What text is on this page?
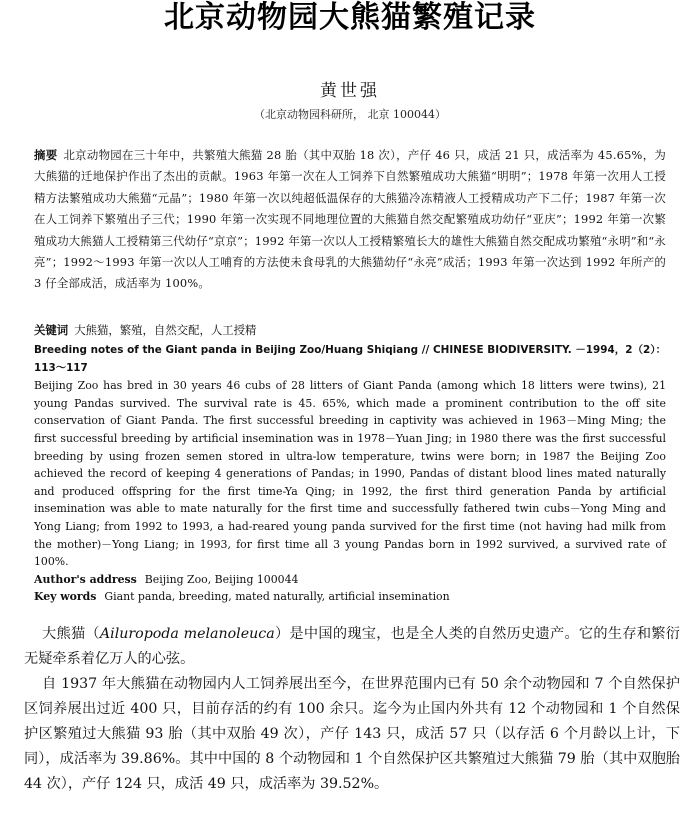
北京动物园大熊猫繁殖记录
黄世强
（北京动物园科研所， 北京 100044）
摘要 北京动物园在三十年中，共繁殖大熊猫 28 胎（其中双胎 18 次），产仔 46 只，成活 21 只，成活率为 45.65%，为大熊猫的迁地保护作出了杰出的贡献。1963 年第一次在人工饲养下自然繁殖成功大熊猫“明明”；1978 年第一次用人工授精方法繁殖成功大熊猫“元晶”；1980 年第一次以纯超低温保存的大熊猫冷冻精液人工授精成功产下二仔；1987 年第一次在人工饲养下繁殖出子三代；1990 年第一次实现不同地理位置的大熊猫自然交配繁殖成功幼仔“亚庆”；1992 年第一次繁殖成功大熊猫人工授精第三代幼仔“京京”；1992 年第一次以人工授精繁殖长大的雄性大熊猫自然交配成功繁殖“永明”和“永亮”；1992～1993 年第一次以人工哺育的方法使未食母乳的大熊猫幼仔“永亮”成活；1993 年第一次达到 1992 年所产的 3 仔全部成活，成活率为 100%。
关键词 大熊猫，繁殖，自然交配，人工授精
Breeding notes of the Giant panda in Beijing Zoo/Huang Shiqiang // CHINESE BIODIVERSITY. －1994，2（2）：113～117
Beijing Zoo has bred in 30 years 46 cubs of 28 litters of Giant Panda (among which 18 litters were twins), 21 young Pandas survived. The survival rate is 45. 65%, which made a prominent contribution to the off site conservation of Giant Panda. The first successful breeding in captivity was achieved in 1963－Ming Ming; the first successful breeding by artificial insemination was in 1978－Yuan Jing; in 1980 there was the first successful breeding by using frozen semen stored in ultra-low temperature, twins were born; in 1987 the Beijing Zoo achieved the record of keeping 4 generations of Pandas; in 1990, Pandas of distant blood lines mated naturally and produced offspring for the first time-Ya Qing; in 1992, the first third generation Panda by artificial insemination was able to mate naturally for the first time and successfully fathered twin cubs－Yong Ming and Yong Liang; from 1992 to 1993, a had-reared young panda survived for the first time (not having had milk from the mother)－Yong Liang; in 1993, for first time all 3 young Pandas born in 1992 survived, a survived rate of 100%.
Author's address Beijing Zoo, Beijing 100044
Key words Giant panda, breeding, mated naturally, artificial insemination

大熊猫（Ailuropoda melanoleuca）是中国的瑰宝，也是全人类的自然历史遗产。它的生存和繁衍无疑牵系着亿万人的心弦。

自 1937 年大熊猫在动物园内人工饲养展出至今，在世界范围内已有 50 余个动物园和 7 个自然保护区饲养展出过近 400 只，目前存活的约有 100 余只。迄今为止国内外共有 12 个动物园和 1 个自然保护区繁殖过大熊猫 93 胎（其中双胎 49 次），产仔 143 只，成活 57 只（以存活 6 个月龄以上计，下同），成活率为 39.86%。其中中国的 8 个动物园和 1 个自然保护区共繁殖过大熊猫 79 胎（其中双胞胎 44 次），产仔 124 只，成活 49 只，成活率为 39.52%。
